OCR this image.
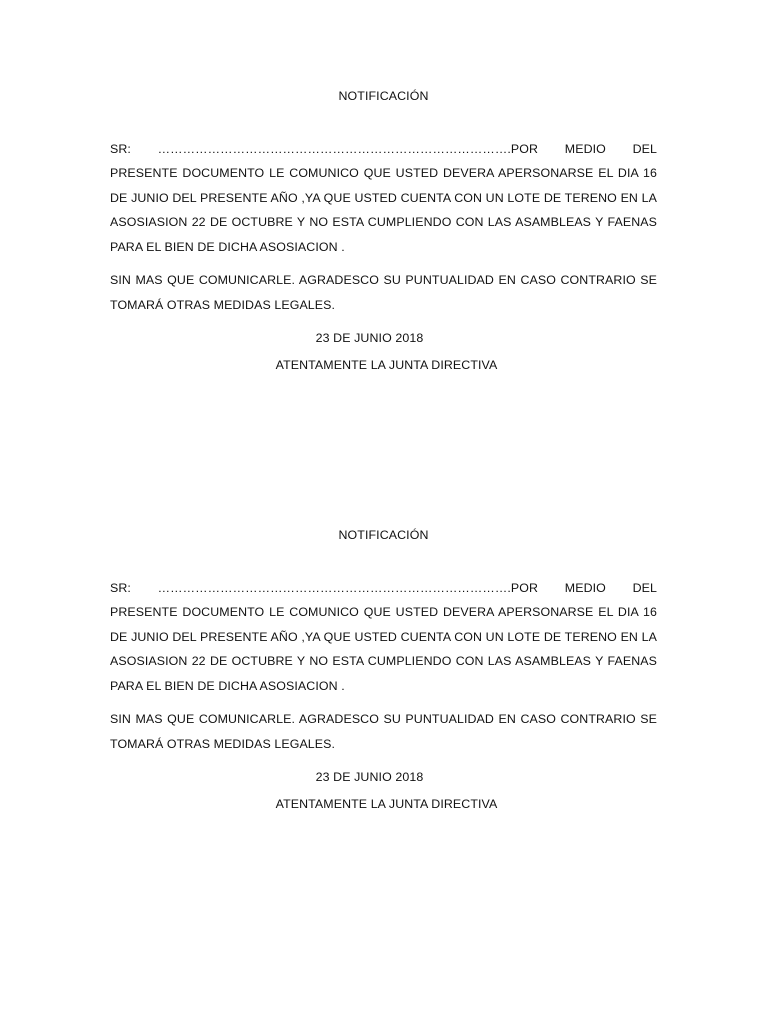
NOTIFICACIÓN

SR: ………………………………………………………………………….POR MEDIO DEL PRESENTE DOCUMENTO LE COMUNICO QUE USTED DEVERA APERSONARSE EL DIA 16 DE JUNIO DEL PRESENTE AÑO ,YA QUE USTED CUENTA CON UN LOTE DE TERENO EN LA ASOSIASION 22 DE OCTUBRE Y NO ESTA CUMPLIENDO CON LAS ASAMBLEAS Y FAENAS PARA EL BIEN DE DICHA ASOSIACION .

SIN MAS QUE COMUNICARLE. AGRADESCO SU PUNTUALIDAD EN CASO CONTRARIO SE TOMARÁ OTRAS MEDIDAS LEGALES.

23 DE JUNIO 2018

ATENTAMENTE LA JUNTA DIRECTIVA

NOTIFICACIÓN

SR: ………………………………………………………………………….POR MEDIO DEL PRESENTE DOCUMENTO LE COMUNICO QUE USTED DEVERA APERSONARSE EL DIA 16 DE JUNIO DEL PRESENTE AÑO ,YA QUE USTED CUENTA CON UN LOTE DE TERENO EN LA ASOSIASION 22 DE OCTUBRE Y NO ESTA CUMPLIENDO CON LAS ASAMBLEAS Y FAENAS PARA EL BIEN DE DICHA ASOSIACION .

SIN MAS QUE COMUNICARLE. AGRADESCO SU PUNTUALIDAD EN CASO CONTRARIO SE TOMARÁ OTRAS MEDIDAS LEGALES.

23 DE JUNIO 2018

ATENTAMENTE LA JUNTA DIRECTIVA
